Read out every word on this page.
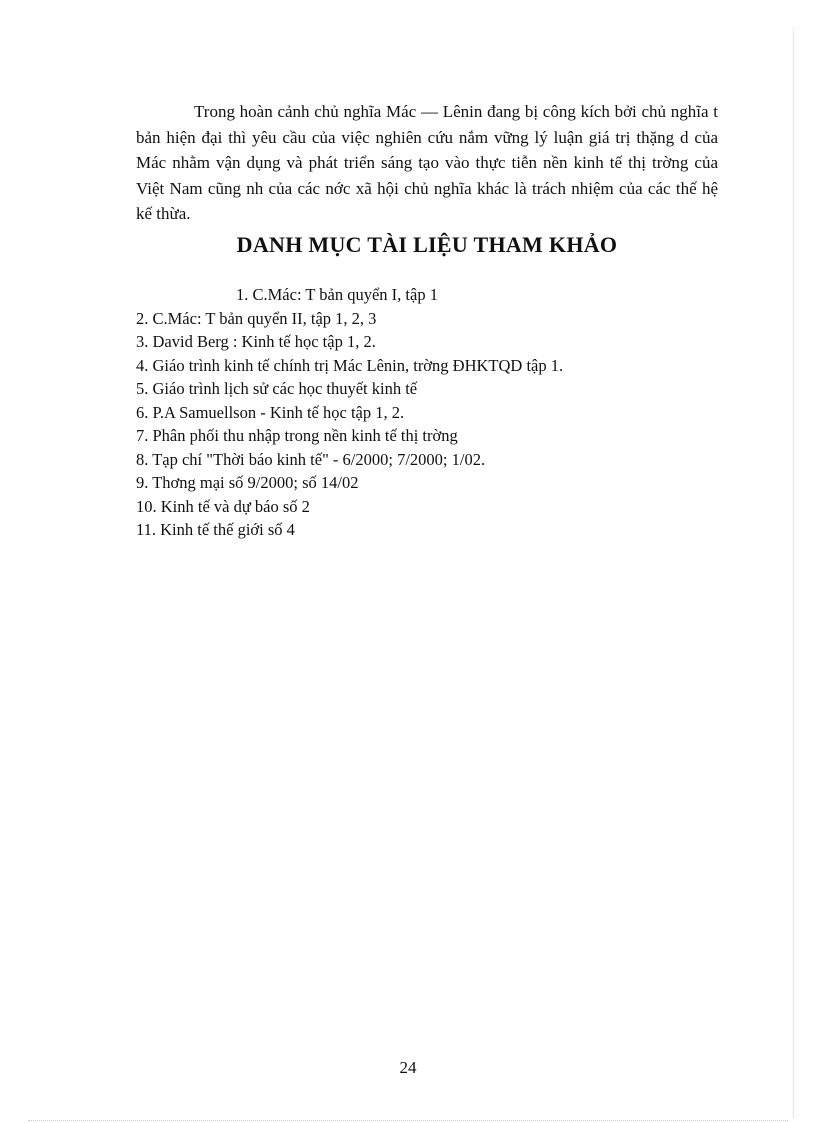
Trong hoàn cảnh chủ nghĩa Mác — Lênin đang bị công kích bởi chủ nghĩa t bản hiện đại thì yêu cầu của việc nghiên cứu nắm vững lý luận giá trị thặng d của Mác nhằm vận dụng và phát triển sáng tạo vào thực tiễn nền kinh tế thị trờng của Việt Nam cũng nh của các nớc xã hội chủ nghĩa khác là trách nhiệm của các thế hệ kế thừa.

DANH MỤC TÀI LIỆU THAM KHẢO
1. C.Mác: T bản quyển I, tập 1
2. C.Mác: T bản quyển II, tập 1, 2, 3
3. David Berg : Kinh tế học tập 1, 2.
4. Giáo trình kinh tế chính trị Mác Lênin, trờng ĐHKTQD tập 1.
5. Giáo trình lịch sử các học thuyết kinh tế
6. P.A Samuellson - Kinh tế học tập 1, 2.
7. Phân phối thu nhập trong nền kinh tế thị trờng
8. Tạp chí "Thời báo kinh tế" - 6/2000; 7/2000; 1/02.
9. Thơng mại số 9/2000; số 14/02
10. Kinh tế và dự báo số 2
11. Kinh tế thế giới số 4
24
